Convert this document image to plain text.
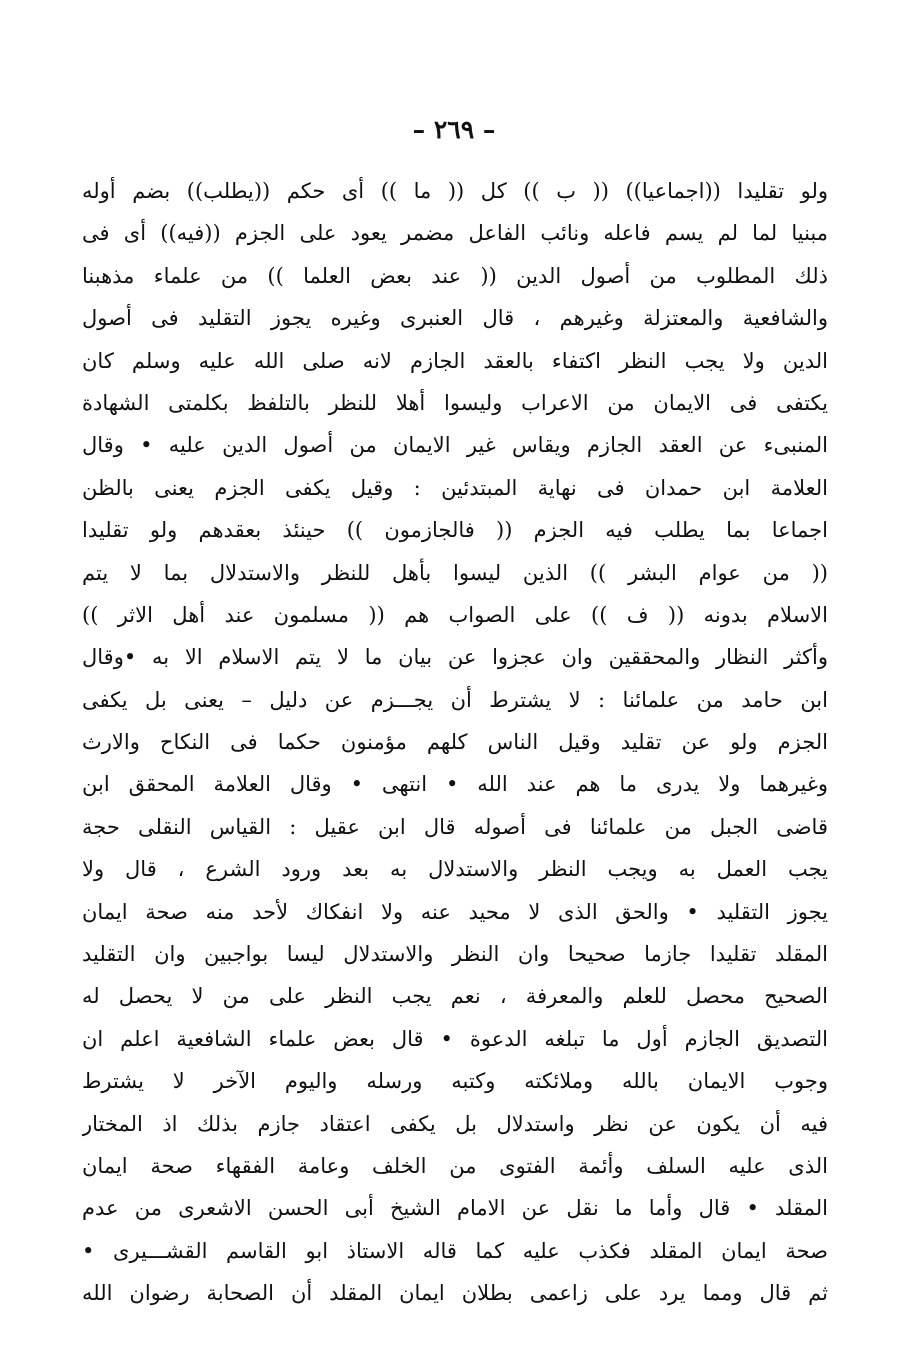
– ٢٦٩ –
ولو تقليدا ((اجماعيا)) (( ب )) كل (( ما )) أى حكم ((يطلب)) بضم أوله
مبنيا لما لم يسم فاعله ونائب الفاعل مضمر يعود على الجزم ((فيه)) أى فى
ذلك المطلوب من أصول الدين (( عند بعض العلما )) من علماء مذهبنا
والشافعية والمعتزلة وغيرهم ، قال العنبرى وغيره يجوز التقليد فى أصول
الدين ولا يجب النظر اكتفاء بالعقد الجازم لانه صلى الله عليه وسلم كان
يكتفى فى الايمان من الاعراب وليسوا أهلا للنظر بالتلفظ بكلمتى الشهادة
المنبىء عن العقد الجازم ويقاس غير الايمان من أصول الدين عليه • وقال
العلامة ابن حمدان فى نهاية المبتدئين : وقيل يكفى الجزم يعنى بالظن
اجماعا بما يطلب فيه الجزم (( فالجازمون )) حينئذ بعقدهم ولو تقليدا
(( من عوام البشر )) الذين ليسوا بأهل للنظر والاستدلال بما لا يتم
الاسلام بدونه (( ف )) على الصواب هم (( مسلمون عند أهل الاثر ))
وأكثر النظار والمحققين وان عجزوا عن بيان ما لا يتم الاسلام الا به •وقال
ابن حامد من علمائنا : لا يشترط أن يجـــزم عن دليل – يعنى بل يكفى
الجزم ولو عن تقليد وقيل الناس كلهم مؤمنون حكما فى النكاح والارث
وغيرهما ولا يدرى ما هم عند الله • انتهى • وقال العلامة المحقق ابن
قاضى الجبل من علمائنا فى أصوله قال ابن عقيل : القياس النقلى حجة
يجب العمل به ويجب النظر والاستدلال به بعد ورود الشرع ، قال ولا
يجوز التقليد • والحق الذى لا محيد عنه ولا انفكاك لأحد منه صحة ايمان
المقلد تقليدا جازما صحيحا وان النظر والاستدلال ليسا بواجبين وان التقليد
الصحيح محصل للعلم والمعرفة ، نعم يجب النظر على من لا يحصل له
التصديق الجازم أول ما تبلغه الدعوة • قال بعض علماء الشافعية اعلم ان
وجوب الايمان بالله وملائكته وكتبه ورسله واليوم الآخر لا يشترط
فيه أن يكون عن نظر واستدلال بل يكفى اعتقاد جازم بذلك اذ المختار
الذى عليه السلف وأئمة الفتوى من الخلف وعامة الفقهاء صحة ايمان
المقلد • قال وأما ما نقل عن الامام الشيخ أبى الحسن الاشعرى من عدم
صحة ايمان المقلد فكذب عليه كما قاله الاستاذ ابو القاسم القشـــيرى •
ثم قال ومما يرد على زاعمى بطلان ايمان المقلد أن الصحابة رضوان الله
